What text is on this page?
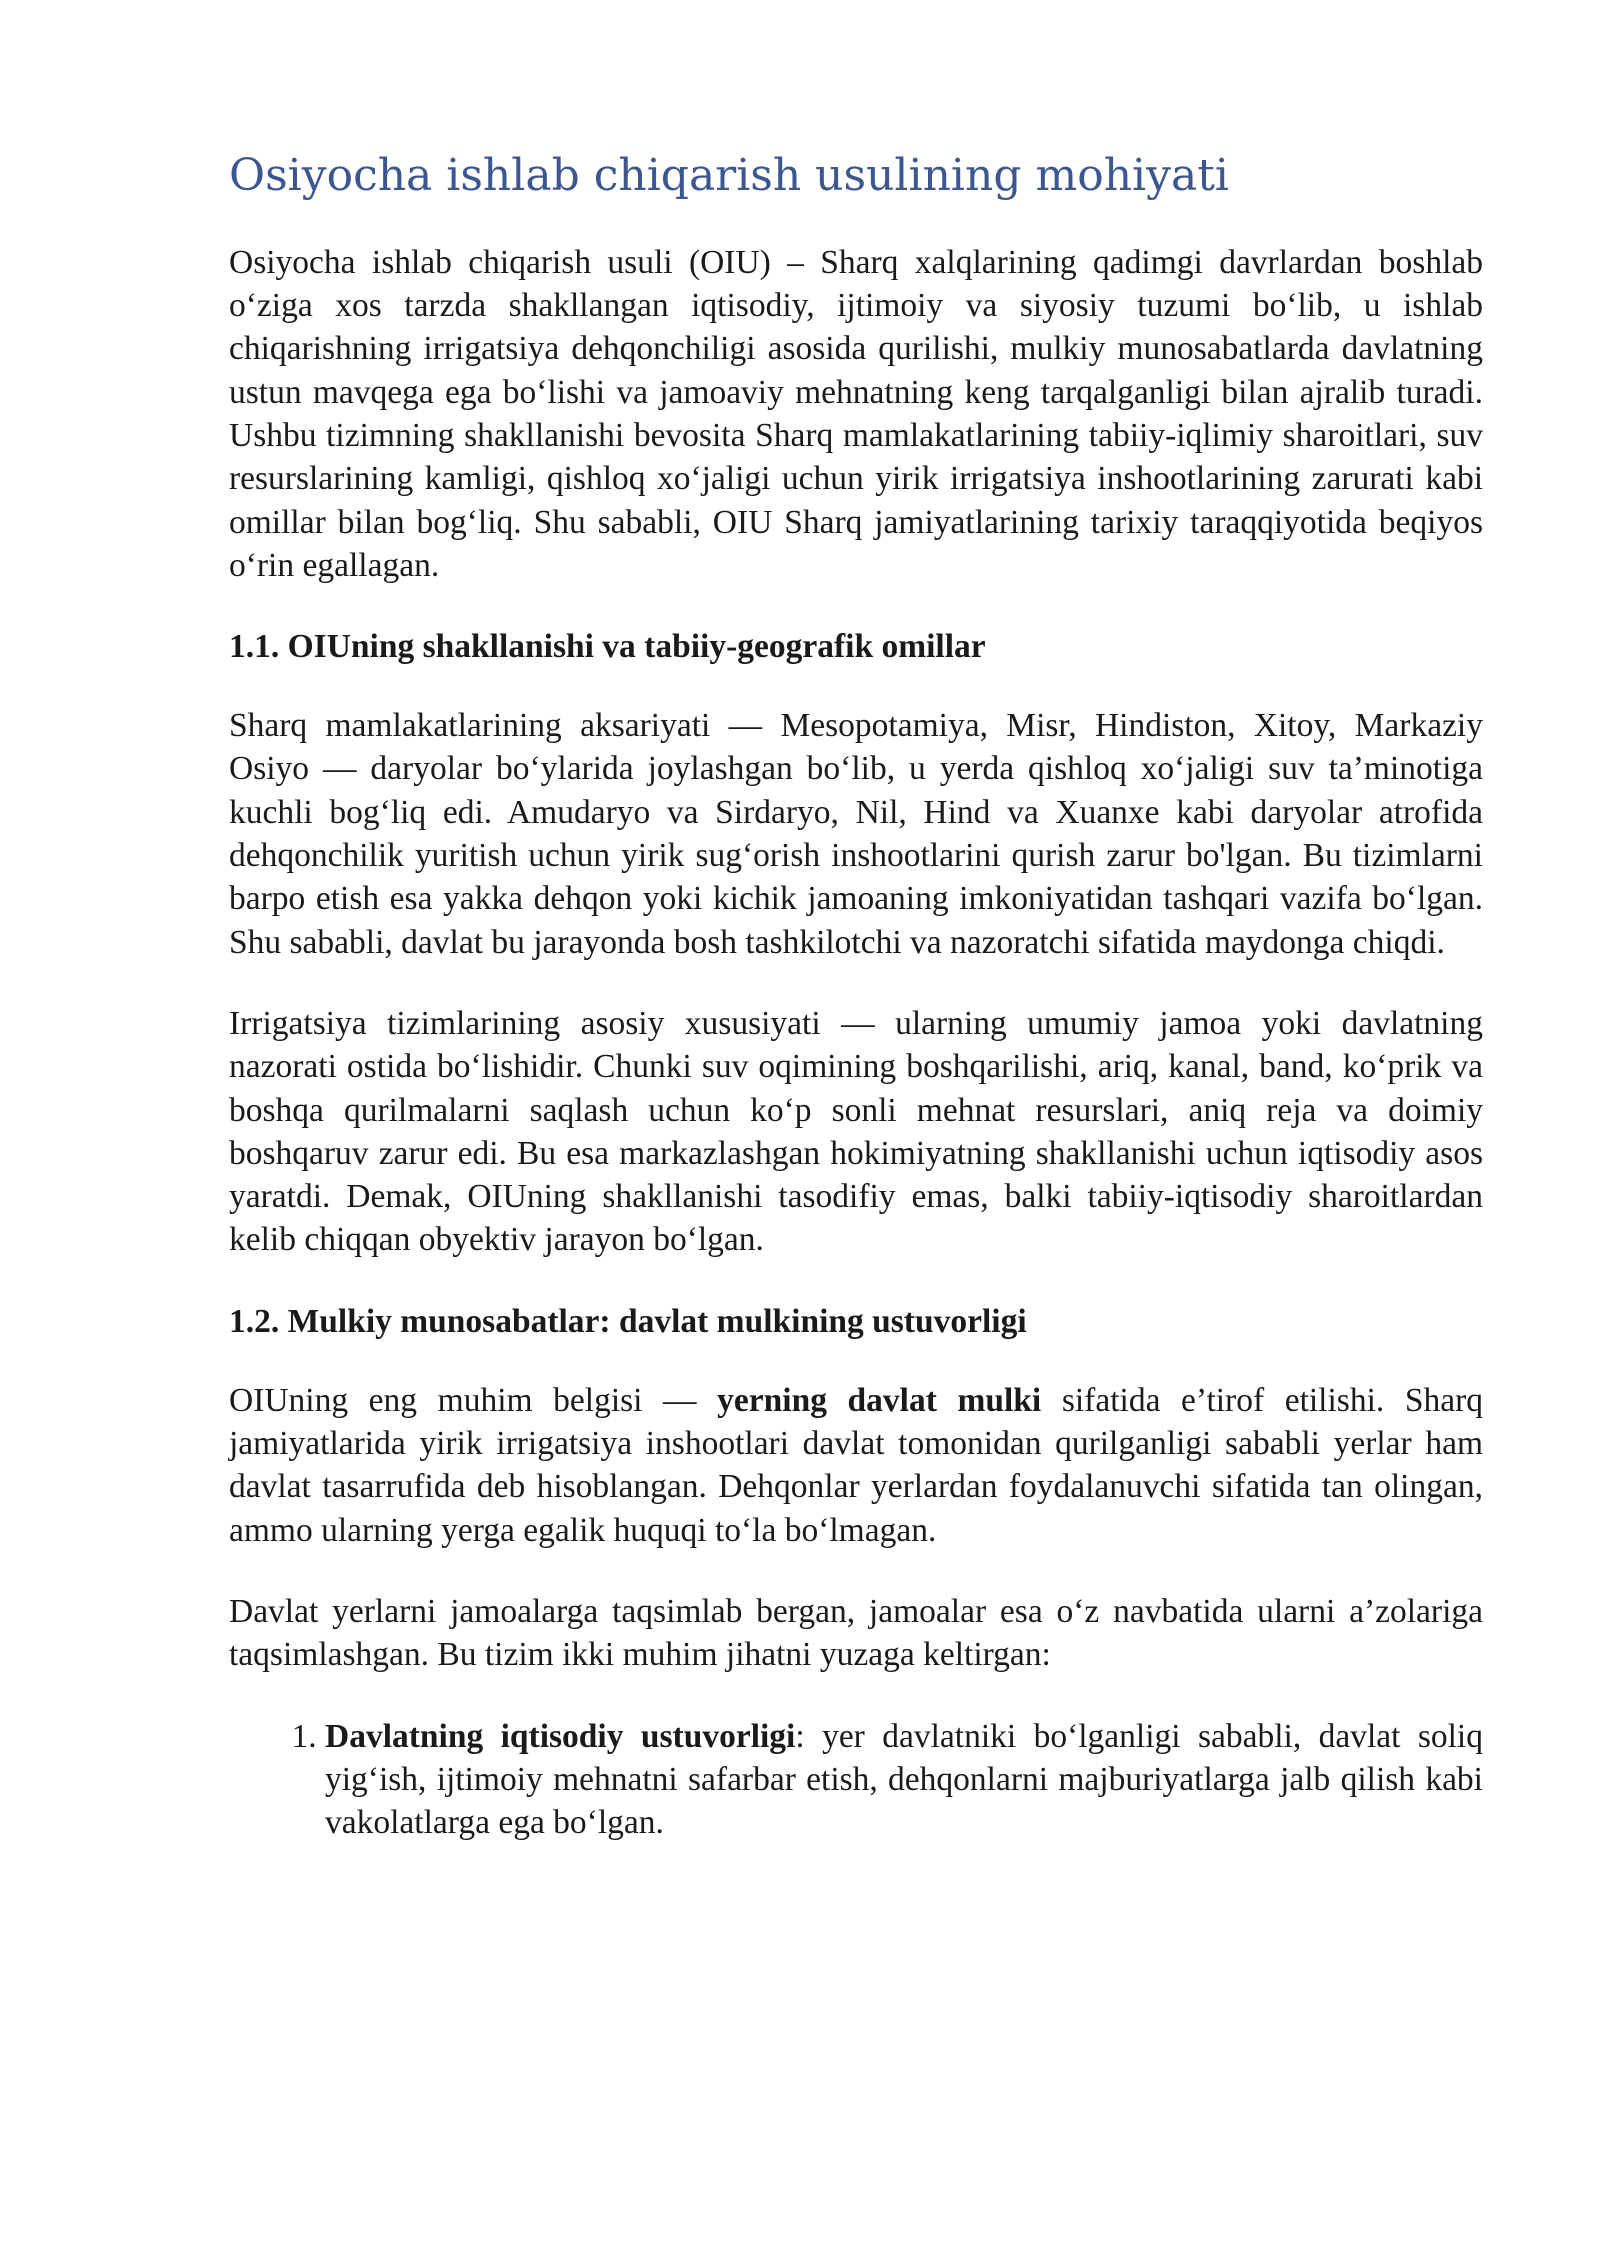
Osiyocha ishlab chiqarish usulining mohiyati

Osiyocha ishlab chiqarish usuli (OIU) – Sharq xalqlarining qadimgi davrlardan boshlab o‘ziga xos tarzda shakllangan iqtisodiy, ijtimoiy va siyosiy tuzumi bo‘lib, u ishlab chiqarishning irrigatsiya dehqonchiligi asosida qurilishi, mulkiy munosabatlarda davlatning ustun mavqega ega bo‘lishi va jamoaviy mehnatning keng tarqalganligi bilan ajralib turadi. Ushbu tizimning shakllanishi bevosita Sharq mamlakatlarining tabiiy-iqlimiy sharoitlari, suv resurslarining kamligi, qishloq xo‘jaligi uchun yirik irrigatsiya inshootlarining zarurati kabi omillar bilan bog‘liq. Shu sababli, OIU Sharq jamiyatlarining tarixiy taraqqiyotida beqiyos o‘rin egallagan.

1.1. OIUning shakllanishi va tabiiy-geografik omillar

Sharq mamlakatlarining aksariyati — Mesopotamiya, Misr, Hindiston, Xitoy, Markaziy Osiyo — daryolar bo‘ylarida joylashgan bo‘lib, u yerda qishloq xo‘jaligi suv ta’minotiga kuchli bog‘liq edi. Amudaryo va Sirdaryo, Nil, Hind va Xuanxe kabi daryolar atrofida dehqonchilik yuritish uchun yirik sug‘orish inshootlarini qurish zarur bo'lgan. Bu tizimlarni barpo etish esa yakka dehqon yoki kichik jamoaning imkoniyatidan tashqari vazifa bo‘lgan. Shu sababli, davlat bu jarayonda bosh tashkilotchi va nazoratchi sifatida maydonga chiqdi.

Irrigatsiya tizimlarining asosiy xususiyati — ularning umumiy jamoa yoki davlatning nazorati ostida bo‘lishidir. Chunki suv oqimining boshqarilishi, ariq, kanal, band, ko‘prik va boshqa qurilmalarni saqlash uchun ko‘p sonli mehnat resurslari, aniq reja va doimiy boshqaruv zarur edi. Bu esa markazlashgan hokimiyatning shakllanishi uchun iqtisodiy asos yaratdi. Demak, OIUning shakllanishi tasodifiy emas, balki tabiiy-iqtisodiy sharoitlardan kelib chiqqan obyektiv jarayon bo‘lgan.

1.2. Mulkiy munosabatlar: davlat mulkining ustuvorligi

OIUning eng muhim belgisi — yerning davlat mulki sifatida e’tirof etilishi. Sharq jamiyatlarida yirik irrigatsiya inshootlari davlat tomonidan qurilganligi sababli yerlar ham davlat tasarrufida deb hisoblangan. Dehqonlar yerlardan foydalanuvchi sifatida tan olingan, ammo ularning yerga egalik huquqi to‘la bo‘lmagan.

Davlat yerlarni jamoalarga taqsimlab bergan, jamoalar esa o‘z navbatida ularni a’zolariga taqsimlashgan. Bu tizim ikki muhim jihatni yuzaga keltirgan:

1. Davlatning iqtisodiy ustuvorligi: yer davlatniki bo‘lganligi sababli, davlat soliq yig‘ish, ijtimoiy mehnatni safarbar etish, dehqonlarni majburiyatlarga jalb qilish kabi vakolatlarga ega bo‘lgan.
